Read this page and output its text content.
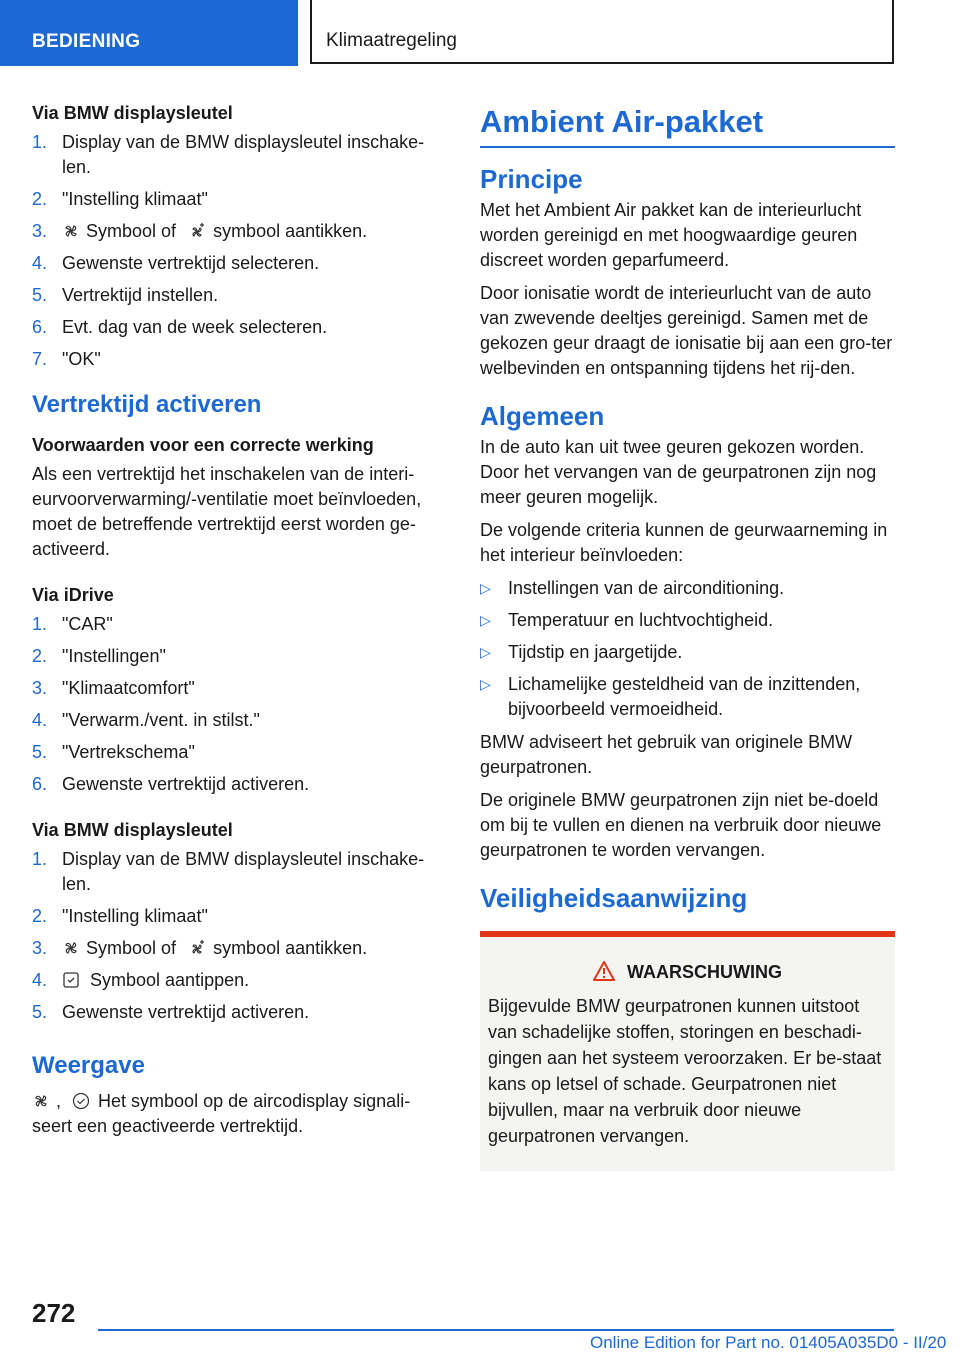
BEDIENING	Klimaatregeling
Via BMW displaysleutel
1. Display van de BMW displaysleutel inschake-len.
2. "Instelling klimaat"
3. Symbool of symbool aantikken.
4. Gewenste vertrektijd selecteren.
5. Vertrektijd instellen.
6. Evt. dag van de week selecteren.
7. "OK"
Vertrektijd activeren
Voorwaarden voor een correcte werking

Als een vertrektijd het inschakelen van de interi-eurvoorverwarming/-ventilatie moet beïnvloeden, moet de betreffende vertrektijd eerst worden ge-activeerd.

Via iDrive
1. "CAR"
2. "Instellingen"
3. "Klimaatcomfort"
4. "Verwarm./vent. in stilst."
5. "Vertrekschema"
6. Gewenste vertrektijd activeren.
Via BMW displaysleutel
1. Display van de BMW displaysleutel inschake-len.
2. "Instelling klimaat"
3. Symbool of symbool aantikken.
4. Symbool aantippen.
5. Gewenste vertrektijd activeren.
Weergave

, Het symbool op de aircodisplay signali-seert een geactiveerde vertrektijd.

Ambient Air-pakket
Principe

Met het Ambient Air pakket kan de interieurlucht worden gereinigd en met hoogwaardige geuren discreet worden geparfumeerd.

Door ionisatie wordt de interieurlucht van de auto van zwevende deeltjes gereinigd. Samen met de gekozen geur draagt de ionisatie bij aan een gro-ter welbevinden en ontspanning tijdens het rij-den.

Algemeen

In de auto kan uit twee geuren gekozen worden. Door het vervangen van de geurpatronen zijn nog meer geuren mogelijk.

De volgende criteria kunnen de geurwaarneming in het interieur beïnvloeden:

▷ Instellingen van de airconditioning.
▷ Temperatuur en luchtvochtigheid.
▷ Tijdstip en jaargetijde.
▷ Lichamelijke gesteldheid van de inzittenden, bijvoorbeeld vermoeidheid.

BMW adviseert het gebruik van originele BMW geurpatronen.

De originele BMW geurpatronen zijn niet be-doeld om bij te vullen en dienen na verbruik door nieuwe geurpatronen te worden vervangen.

Veiligheidsaanwijzing
WAARSCHUWING
Bijgevulde BMW geurpatronen kunnen uitstoot van schadelijke stoffen, storingen en beschadi-gingen aan het systeem veroorzaken. Er be-staat kans op letsel of schade. Geurpatronen niet bijvullen, maar na verbruik door nieuwe geurpatronen vervangen.
272
Online Edition for Part no. 01405A035D0 - II/20
